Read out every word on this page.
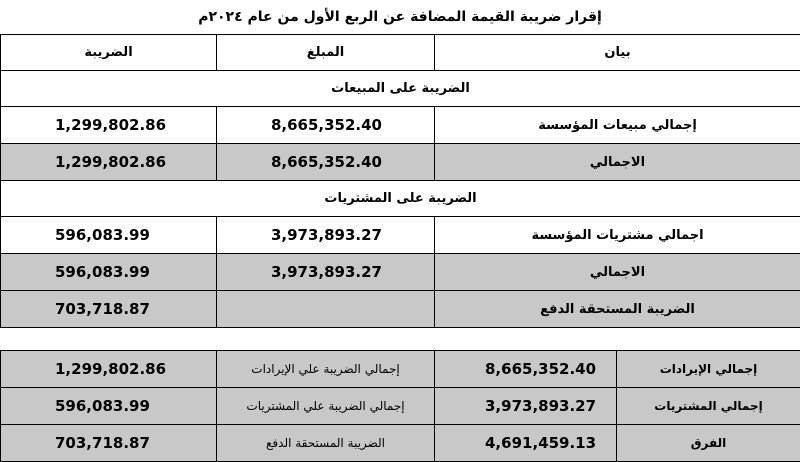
إقرار ضريبة القيمة المضافة عن الربع الأول من عام ٢٠٢٤م
بيان	المبلغ	الضريبة
الضريبة على المبيعات		
إجمالي مبيعات المؤسسة	8,665,352.40	1,299,802.86
الاجمالي	8,665,352.40	1,299,802.86
الضريبة على المشتريات		
اجمالي مشتريات المؤسسة	3,973,893.27	596,083.99
الاجمالي	3,973,893.27	596,083.99
الضريبة المستحقة الدفع		703,718.87

إجمالي الإيرادات	8,665,352.40	إجمالي الضريبة علي الإيرادات	1,299,802.86
إجمالي المشتريات	3,973,893.27	إجمالي الضريبة علي المشتريات	596,083.99
الفرق	4,691,459.13	الضريبة المستحقة الدفع	703,718.87
